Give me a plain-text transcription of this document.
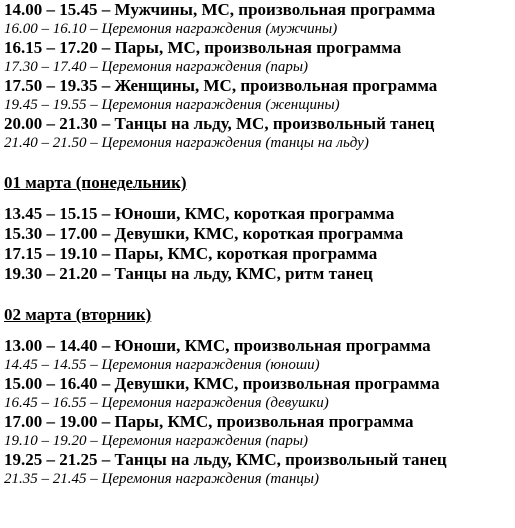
14.00 – 15.45 – Мужчины, МС, произвольная программа
16.00 – 16.10 – Церемония награждения (мужчины)
16.15 – 17.20 – Пары, МС, произвольная программа
17.30 – 17.40 – Церемония награждения (пары)
17.50 – 19.35 – Женщины, МС, произвольная программа
19.45 – 19.55 – Церемония награждения (женщины)
20.00 – 21.30 – Танцы на льду, МС, произвольный танец
21.40 – 21.50 – Церемония награждения (танцы на льду)
01 марта (понедельник)
13.45 – 15.15 – Юноши, КМС, короткая программа
15.30 – 17.00 – Девушки, КМС, короткая программа
17.15 – 19.10 – Пары, КМС, короткая программа
19.30 – 21.20 – Танцы на льду, КМС, ритм танец
02 марта (вторник)
13.00 – 14.40 – Юноши, КМС, произвольная программа
14.45 – 14.55 – Церемония награждения (юноши)
15.00 – 16.40 – Девушки, КМС, произвольная программа
16.45 – 16.55 – Церемония награждения (девушки)
17.00 – 19.00 – Пары, КМС, произвольная программа
19.10 – 19.20 – Церемония награждения (пары)
19.25 – 21.25 – Танцы на льду, КМС, произвольный танец
21.35 – 21.45 – Церемония награждения (танцы)
